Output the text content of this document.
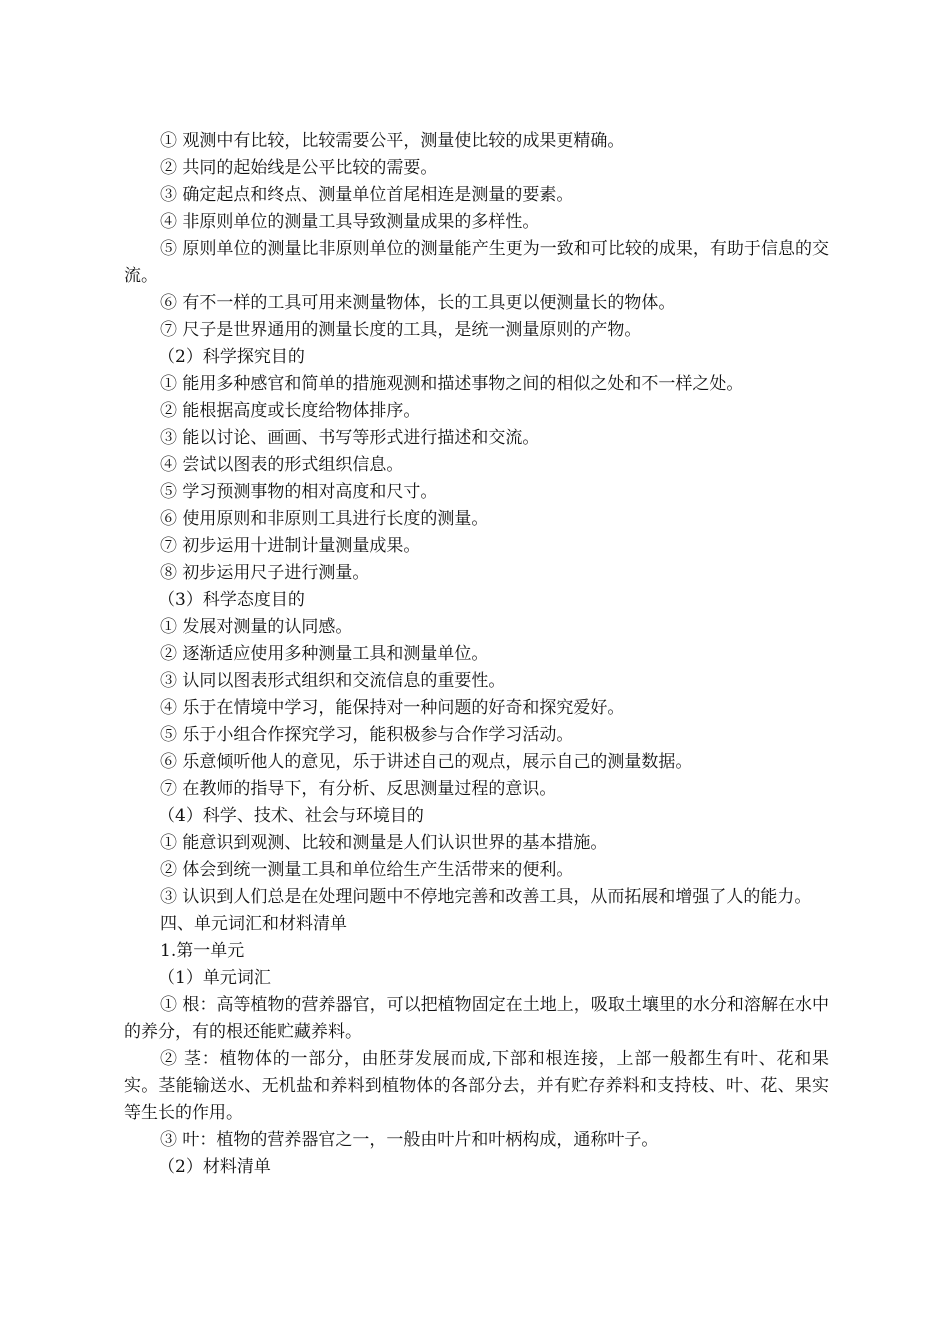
① 观测中有比较，比较需要公平，测量使比较的成果更精确。

② 共同的起始线是公平比较的需要。

③ 确定起点和终点、测量单位首尾相连是测量的要素。

④ 非原则单位的测量工具导致测量成果的多样性。

⑤ 原则单位的测量比非原则单位的测量能产生更为一致和可比较的成果，有助于信息的交流。

⑥ 有不一样的工具可用来测量物体，长的工具更以便测量长的物体。

⑦ 尺子是世界通用的测量长度的工具，是统一测量原则的产物。

（2）科学探究目的

① 能用多种感官和简单的措施观测和描述事物之间的相似之处和不一样之处。

② 能根据高度或长度给物体排序。

③ 能以讨论、画画、书写等形式进行描述和交流。

④ 尝试以图表的形式组织信息。

⑤ 学习预测事物的相对高度和尺寸。

⑥ 使用原则和非原则工具进行长度的测量。

⑦ 初步运用十进制计量测量成果。

⑧ 初步运用尺子进行测量。

（3）科学态度目的

① 发展对测量的认同感。

② 逐渐适应使用多种测量工具和测量单位。

③ 认同以图表形式组织和交流信息的重要性。

④ 乐于在情境中学习，能保持对一种问题的好奇和探究爱好。

⑤ 乐于小组合作探究学习，能积极参与合作学习活动。

⑥ 乐意倾听他人的意见，乐于讲述自己的观点，展示自己的测量数据。

⑦ 在教师的指导下，有分析、反思测量过程的意识。

（4）科学、技术、社会与环境目的

① 能意识到观测、比较和测量是人们认识世界的基本措施。

② 体会到统一测量工具和单位给生产生活带来的便利。

③ 认识到人们总是在处理问题中不停地完善和改善工具，从而拓展和增强了人的能力。

四、单元词汇和材料清单

1.第一单元

（1）单元词汇

① 根：高等植物的营养器官，可以把植物固定在土地上，吸取土壤里的水分和溶解在水中的养分，有的根还能贮藏养料。

② 茎：植物体的一部分，由胚芽发展而成,下部和根连接，上部一般都生有叶、花和果实。茎能输送水、无机盐和养料到植物体的各部分去，并有贮存养料和支持枝、叶、花、果实等生长的作用。

③ 叶：植物的营养器官之一，一般由叶片和叶柄构成，通称叶子。

（2）材料清单
